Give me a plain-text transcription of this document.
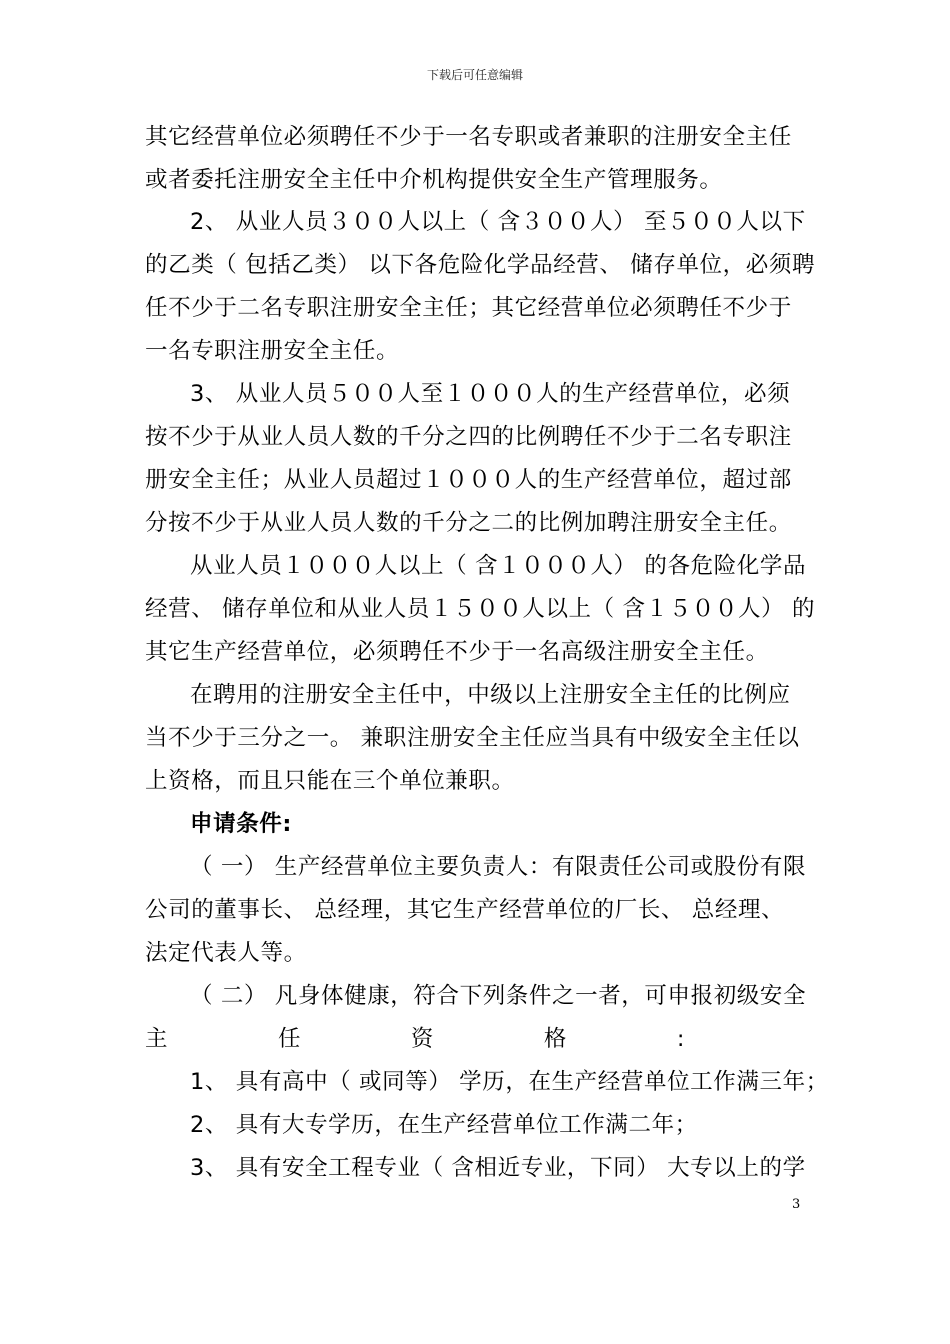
下载后可任意编辑
其它经营单位必须聘任不少于一名专职或者兼职的注册安全主任
或者委托注册安全主任中介机构提供安全生产管理服务。
2、 从业人员３００人以上（ 含３００人） 至５００人以下
的乙类（ 包括乙类） 以下各危险化学品经营、 储存单位，必须聘
任不少于二名专职注册安全主任；其它经营单位必须聘任不少于
一名专职注册安全主任。
3、 从业人员５００人至１０００人的生产经营单位，必须
按不少于从业人员人数的千分之四的比例聘任不少于二名专职注
册安全主任；从业人员超过１０００人的生产经营单位，超过部
分按不少于从业人员人数的千分之二的比例加聘注册安全主任。
从业人员１０００人以上（ 含１０００人） 的各危险化学品
经营、 储存单位和从业人员１５００人以上（ 含１５００人） 的
其它生产经营单位，必须聘任不少于一名高级注册安全主任。
在聘用的注册安全主任中，中级以上注册安全主任的比例应
当不少于三分之一。 兼职注册安全主任应当具有中级安全主任以
上资格，而且只能在三个单位兼职。
申请条件:
（ 一） 生产经营单位主要负责人：有限责任公司或股份有限
公司的董事长、 总经理，其它生产经营单位的厂长、 总经理、
法定代表人等。
（ 二） 凡身体健康，符合下列条件之一者，可申报初级安全
主	任	资	格	:
1、 具有高中（ 或同等） 学历，在生产经营单位工作满三年；
2、 具有大专学历，在生产经营单位工作满二年；
3、 具有安全工程专业（ 含相近专业，下同） 大专以上的学
3
